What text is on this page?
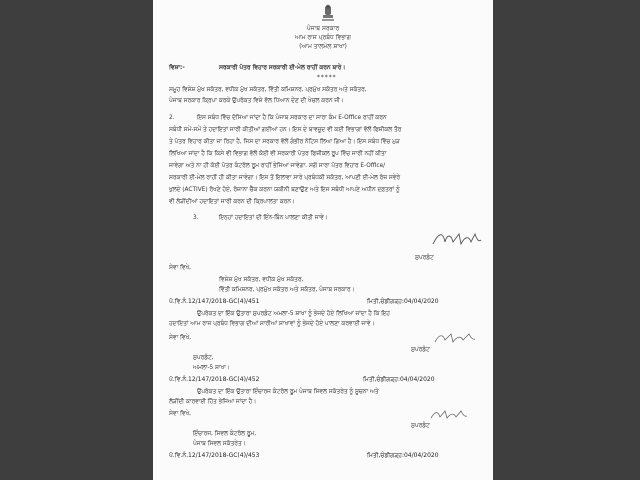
ਪੰਜਾਬ ਸਰਕਾਰ
ਆਮ ਰਾਜ ਪ੍ਰਬੰਧ ਵਿਭਾਗ
(ਆਮ ਤਾਲਮੇਲ ਸ਼ਾਖਾ)
ਵਿਸ਼ਾ:-	ਸਰਕਾਰੀ ਪੱਤਰ ਵਿਹਾਰ ਸਰਕਾਰੀ ਈ-ਮੇਲ ਰਾਹੀਂ ਕਰਨ ਬਾਰੇ।
*****
ਸਮੂਹ ਵਿਸ਼ੇਸ਼ ਮੁੱਖ ਸਕੱਤਰ, ਵਧੀਕ ਮੁੱਖ ਸਕੱਤਰ, ਵਿੱਤੀ ਕਮਿਸ਼ਨਰ, ਪ੍ਰਮੁੱਖ ਸਕੱਤਰ ਅਤੇ ਸਕੱਤਰ,
ਪੰਜਾਬ ਸਰਕਾਰ ਕ੍ਰਿਪਾ ਕਰਕੇ ਉਪਰੋਕਤ ਵਿਸ਼ੇ ਵੱਲ ਧਿਆਨ ਦੇਣ ਦੀ ਖੇਚਲ ਕਰਨ ਜੀ।
2.	ਇਸ ਸਬੰਧ ਵਿੱਚ ਦੱਸਿਆ ਜਾਂਦਾ ਹੈ ਕਿ ਪੰਜਾਬ ਸਰਕਾਰ ਦਾ ਸਾਰਾ ਕੰਮ E-Office ਰਾਹੀਂ ਕਰਨ
ਸਬੰਧੀ ਸਮੇਂ-ਸਮੇਂ ਤੇ ਹਦਾਇਤਾਂ ਜਾਰੀ ਕੀਤੀਆਂ ਗਈਆਂ ਹਨ। ਇਸ ਦੇ ਬਾਵਜੂਦ ਵੀ ਕਈ ਵਿਭਾਗਾਂ ਵੱਲੋਂ ਫਿਜ਼ੀਕਲ ਤੌਰ
ਤੇ ਪੱਤਰ ਵਿਹਾਰ ਕੀਤਾ ਜਾ ਰਿਹਾ ਹੈ, ਜਿਸ ਦਾ ਸਰਕਾਰ ਵੱਲੋਂ ਗੰਭੀਰ ਨੋਟਿਸ ਲਿਆ ਗਿਆ ਹੈ। ਇਸ ਸਬੰਧ ਵਿੱਚ ਮੁੜ
ਲਿਖਿਆ ਜਾਂਦਾ ਹੈ ਕਿ ਕਿਸੇ ਵੀ ਵਿਭਾਗ ਵੱਲੋਂ ਕੋਈ ਵੀ ਸਰਕਾਰੀ ਪੱਤਰ ਫਿਜ਼ੀਕਲ ਰੂਪ ਵਿੱਚ ਜਾਰੀ ਨਹੀਂ ਕੀਤਾ
ਜਾਵੇਗਾ ਅਤੇ ਨਾ ਹੀ ਕੋਈ ਪੱਤਰ ਕੰਟਰੋਲ ਰੂਮ ਰਾਹੀਂ ਭੇਜਿਆ ਜਾਵੇਗਾ. ਸਗੋਂ ਸਾਰਾ ਪੱਤਰ ਵਿਹਾਰ E-Office/
ਸਰਕਾਰੀ ਈ-ਮੇਲ ਰਾਹੀਂ ਹੀ ਕੀਤਾ ਜਾਵੇਗਾ। ਇਸ ਤੋਂ ਇਲਾਵਾ ਸਾਰੇ ਪ੍ਰਬੰਧਕੀ ਸਕੱਤਰ, ਆਪਣੀ ਈ-ਮੇਲ ਰੋਜ਼ ਸਵੇਰੇ
ਖੁਲਦੇ (ACTIVE) ਰੱਖਣੇ ਹੋਏ, ਰੋਜ਼ਾਨਾ ਚੈੱਕ ਕਰਨਾ ਯਕੀਨੀ ਬਣਾਉਣ ਅਤੇ ਇਸ ਸਬੰਧੀ ਆਪਣੇ ਅਧੀਨ ਦਫ਼ਤਰਾਂ ਨੂੰ
ਵੀ ਲੋੜੀਂਦੀਆਂ ਹਦਾਇਤਾਂ ਜਾਰੀ ਕਰਨ ਦੀ ਕ੍ਰਿਪਾਲਤਾ ਕਰਨ।
3.	ਇਨ੍ਹਾਂ ਹਦਾਇਤਾਂ ਦੀ ਇੰਨ-ਬਿੰਨ ਪਾਲਣਾ ਕੀਤੀ ਜਾਵੇ।
ਸੁਪਰਡੰਟ
ਸੇਵਾ ਵਿਖੇ,
ਵਿਸ਼ੇਸ਼ ਮੁੱਖ ਸਕੱਤਰ, ਵਧੀਕ ਮੁੱਖ ਸਕੱਤਰ,
ਵਿੱਤੀ ਕਮਿਸ਼ਨਰ, ਪ੍ਰਮੁੱਖ ਸਕੱਤਰ ਅਤੇ ਸਕੱਤਰ, ਪੰਜਾਬ ਸਰਕਾਰ।
ਪੱ.ਵਿ.ਨੰ.12/147/2018-GC(4)/451	ਮਿਤੀ,ਚੰਡੀਗੜ੍ਹ:04/04/2020
ਉਪਰੋਕਤ ਦਾ ਇੱਕ ਉਤਾਰਾ ਸੁਪਰਡੰਟ ਅਮਲਾ-5 ਸ਼ਾਖਾ ਨੂੰ ਭੇਜਦੇ ਹੋਏ ਲਿਖਿਆ ਜਾਂਦਾ ਹੈ ਕਿ ਇਹ
ਹਦਾਇਤਾਂ ਆਮ ਰਾਜ ਪ੍ਰਬੰਧ ਵਿਭਾਗ ਦੀਆਂ ਸਾਰੀਆਂ ਸ਼ਾਖਾਵਾਂ ਨੂੰ ਭੇਜਦੇ ਹੋਏ ਪਾਲਣਾ ਕਰਵਾਈ ਜਾਵੇ।
ਸੁਪਰਡੰਟ
ਸੇਵਾ ਵਿਖੇ,
ਸੁਪਰਡੰਟ,
ਅਮਲਾ-5 ਸ਼ਾਖਾ।
ਪੱ.ਵਿ.ਨੰ.12/147/2018-GC(4)/452	ਮਿਤੀ,ਚੰਡੀਗੜ੍ਹ:04/04/2020
ਉਪਰੋਕਤ ਦਾ ਇੱਕ ਉਤਾਰਾ ਇੰਚਾਰਜ ਕੰਟਰੋਲ ਰੂਮ ਪੰਜਾਬ ਸਿਵਲ ਸਕੱਤਰੇਤ ਨੂੰ ਸੂਚਨਾ ਅਤੇ
ਲੋੜੀਂਦੀ ਕਾਰਵਾਈ ਹਿੱਤ ਭੇਜਿਆ ਜਾਂਦਾ ਹੈ।
ਸੁਪਰਡੰਟ
ਸੇਵਾ ਵਿਖੇ,
ਇੰਚਾਰਜ, ਸਿਵਲ ਕੰਟਰੋਲ ਰੂਮ,
ਪੰਜਾਬ ਸਿਵਲ ਸਕੱਤਰੇਤ।
ਪੱ.ਵਿ.ਨੰ.12/147/2018-GC(4)/453	ਮਿਤੀ,ਚੰਡੀਗੜ੍ਹ:04/04/2020
